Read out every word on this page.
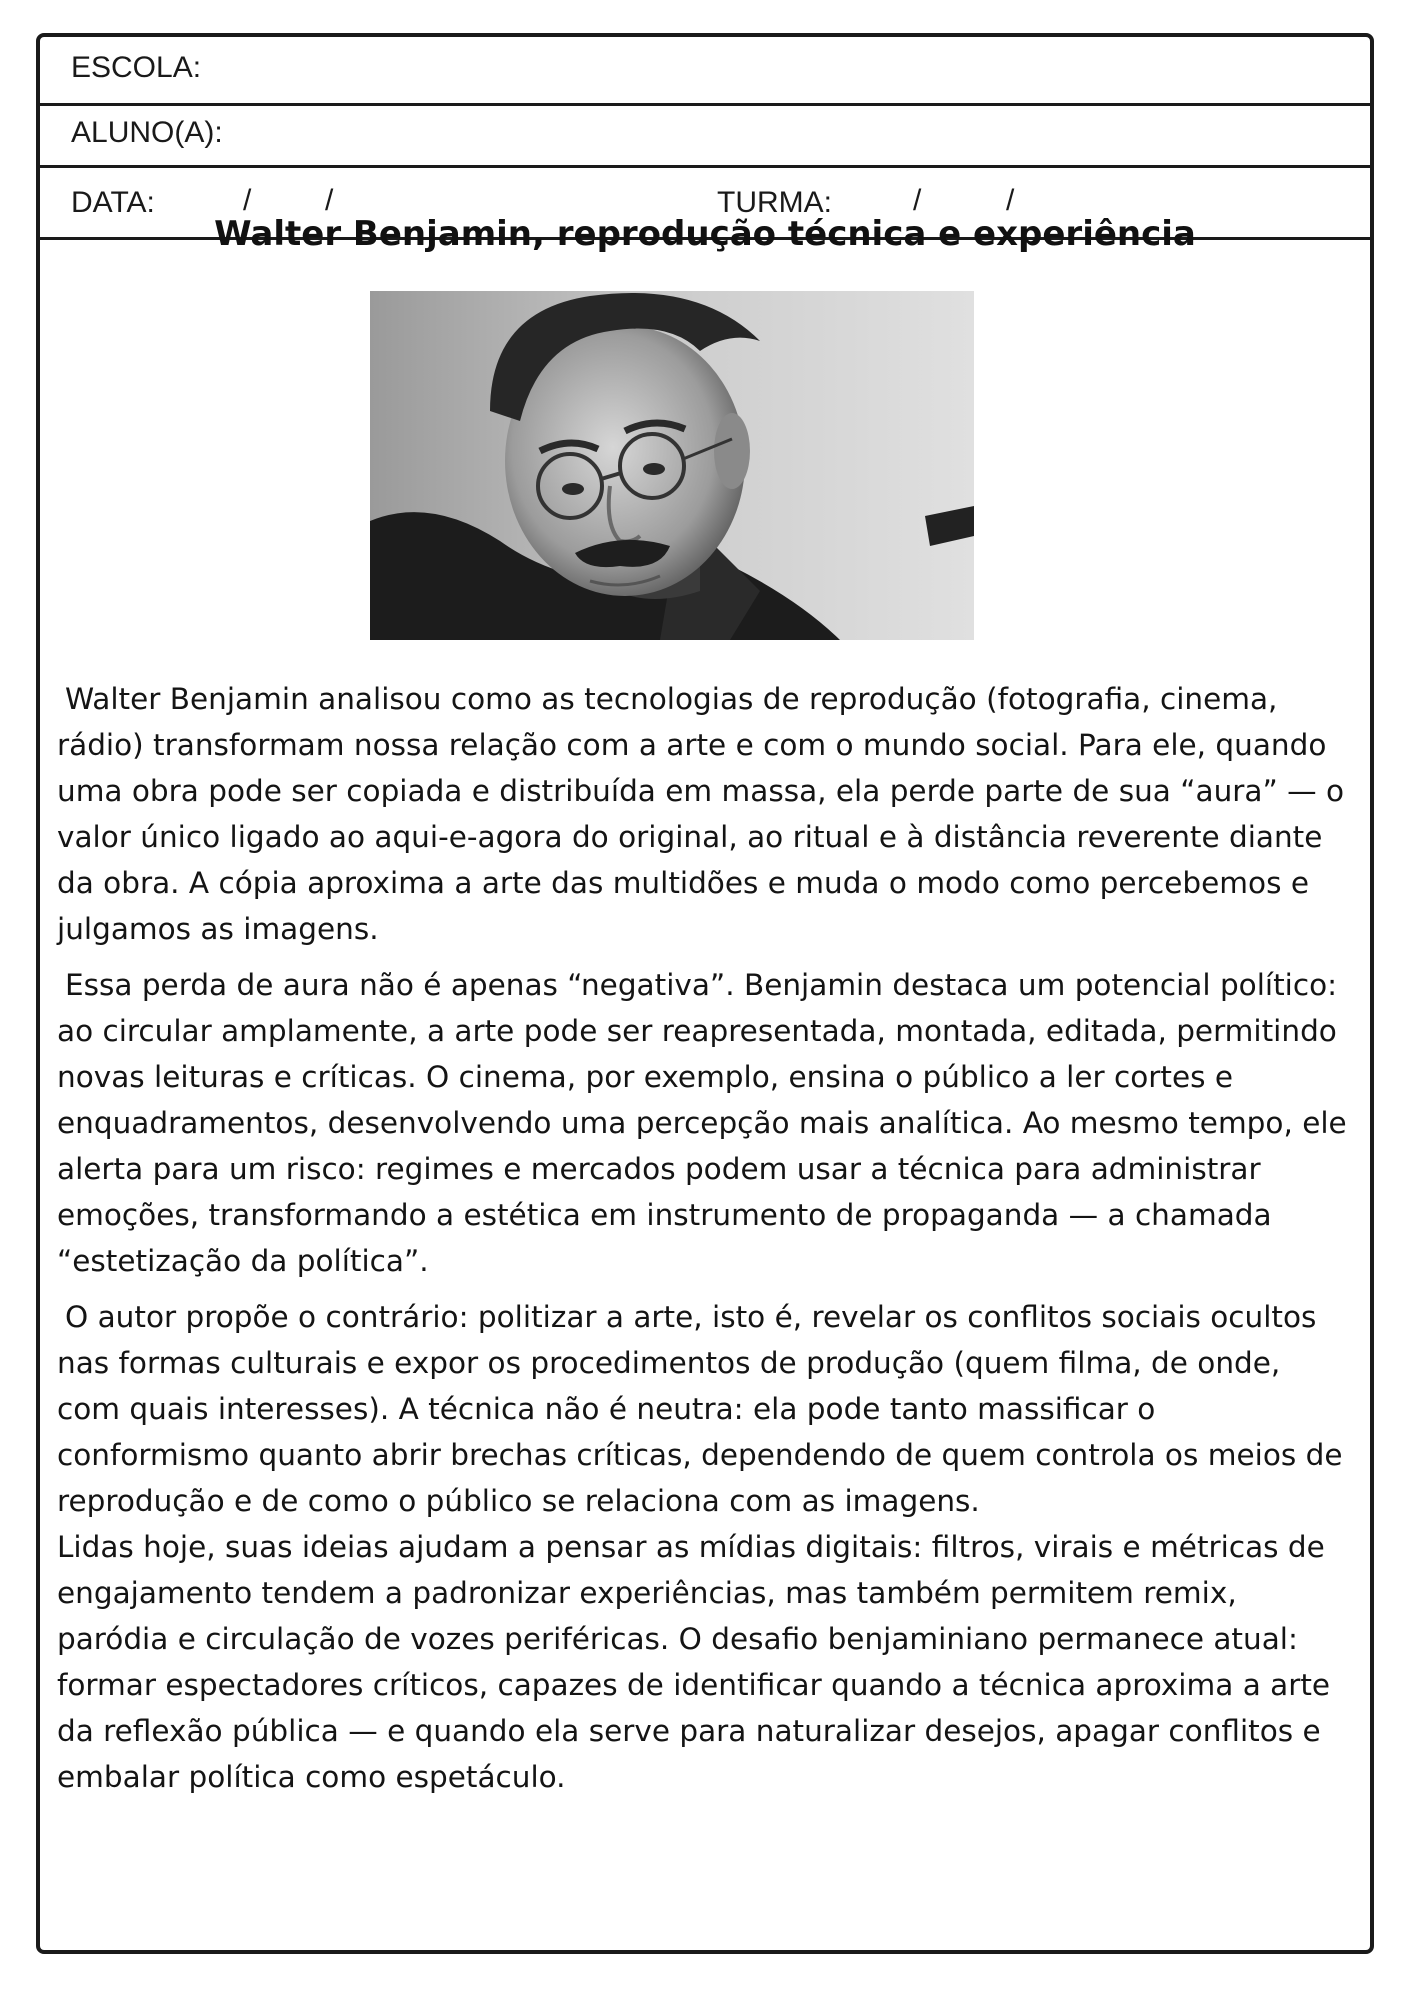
ESCOLA:
ALUNO(A):
DATA:	/ /	TURMA:	/	/
Walter Benjamin, reprodução técnica e experiência

Walter Benjamin analisou como as tecnologias de reprodução (fotografia, cinema, rádio) transformam nossa relação com a arte e com o mundo social. Para ele, quando uma obra pode ser copiada e distribuída em massa, ela perde parte de sua “aura” — o valor único ligado ao aqui-e-agora do original, ao ritual e à distância reverente diante da obra. A cópia aproxima a arte das multidões e muda o modo como percebemos e julgamos as imagens.

Essa perda de aura não é apenas “negativa”. Benjamin destaca um potencial político: ao circular amplamente, a arte pode ser reapresentada, montada, editada, permitindo novas leituras e críticas. O cinema, por exemplo, ensina o público a ler cortes e enquadramentos, desenvolvendo uma percepção mais analítica. Ao mesmo tempo, ele alerta para um risco: regimes e mercados podem usar a técnica para administrar emoções, transformando a estética em instrumento de propaganda — a chamada “estetização da política”.

O autor propõe o contrário: politizar a arte, isto é, revelar os conflitos sociais ocultos nas formas culturais e expor os procedimentos de produção (quem filma, de onde, com quais interesses). A técnica não é neutra: ela pode tanto massificar o conformismo quanto abrir brechas críticas, dependendo de quem controla os meios de reprodução e de como o público se relaciona com as imagens.

Lidas hoje, suas ideias ajudam a pensar as mídias digitais: filtros, virais e métricas de engajamento tendem a padronizar experiências, mas também permitem remix, paródia e circulação de vozes periféricas. O desafio benjaminiano permanece atual: formar espectadores críticos, capazes de identificar quando a técnica aproxima a arte da reflexão pública — e quando ela serve para naturalizar desejos, apagar conflitos e embalar política como espetáculo.
